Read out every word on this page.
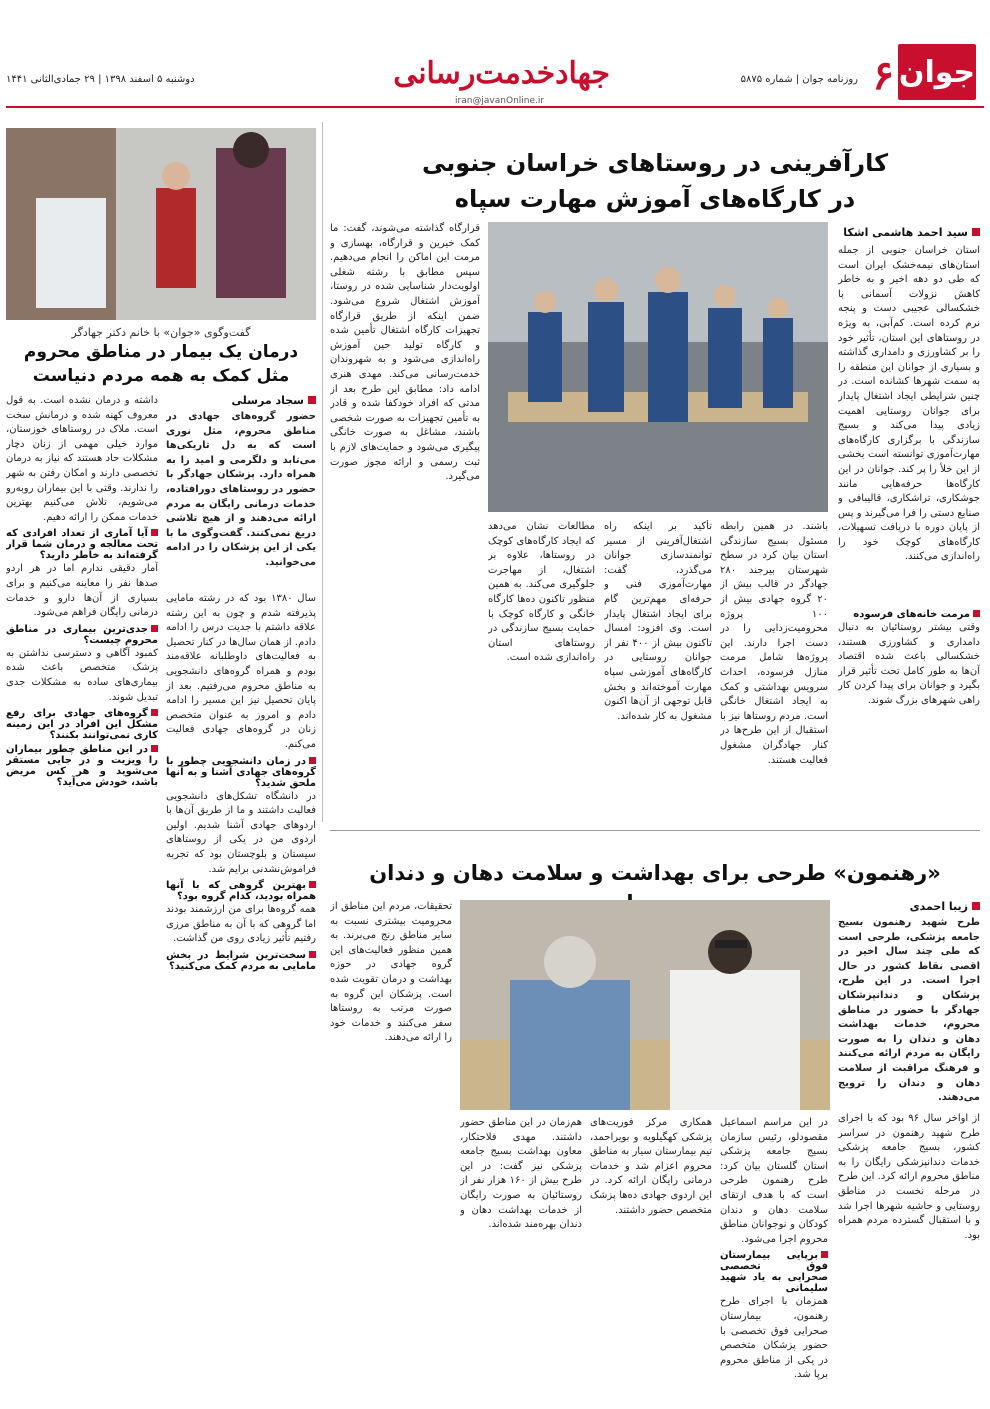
جوان
۶
روزنامه جوان | شماره ۵۸۷۵
جهادخدمت‌رسانی
iran@javanOnline.ir
دوشنبه ۵ اسفند ۱۳۹۸ | ۲۹ جمادی‌الثانی ۱۴۴۱
کارآفرینی در روستاهای خراسان جنوبی
در کارگاه‌های آموزش مهارت سپاه
سید احمد هاشمی اشکا

استان خراسان جنوبی از جمله استان‌های نیمه‌خشک ایران است که طی دو دهه اخیر و به خاطر کاهش نزولات آسمانی با خشکسالی عجیبی دست و پنجه نرم کرده است. کم‌آبی، به ویژه در روستاهای این استان، تأثیر خود را بر کشاورزی و دامداری گذاشته و بسیاری از جوانان این منطقه را به سمت شهرها کشانده است. در چنین شرایطی ایجاد اشتغال پایدار برای جوانان روستایی اهمیت زیادی پیدا می‌کند و بسیج سازندگی با برگزاری کارگاه‌های مهارت‌آموزی توانسته است بخشی از این خلأ را پر کند. جوانان در این کارگاه‌ها حرفه‌هایی مانند جوشکاری، تراشکاری، قالیبافی و صنایع دستی را فرا می‌گیرند و پس از پایان دوره با دریافت تسهیلات، کارگاه‌های کوچک خود را راه‌اندازی می‌کنند.

مرمت خانه‌های فرسوده

وقتی بیشتر روستائیان به دنبال دامداری و کشاورزی هستند، خشکسالی باعث شده اقتصاد آن‌ها به طور کامل تحت تأثیر قرار بگیرد و جوانان برای پیدا کردن کار راهی شهرهای بزرگ شوند.

مطالعات نشان می‌دهد که ایجاد کارگاه‌های کوچک در روستاها، علاوه بر اشتغال، از مهاجرت جلوگیری می‌کند. به همین منظور تاکنون ده‌ها کارگاه خانگی و کارگاه کوچک با حمایت بسیج سازندگی در روستاهای استان راه‌اندازی شده است.

تأکید بر اینکه راه اشتغال‌آفرینی از مسیر توانمندسازی جوانان می‌گذرد، گفت: مهارت‌آموزی فنی و حرفه‌ای مهم‌ترین گام برای ایجاد اشتغال پایدار است. وی افزود: امسال تاکنون بیش از ۴۰۰ نفر از جوانان روستایی در کارگاه‌های آموزشی سپاه مهارت آموخته‌اند و بخش قابل توجهی از آن‌ها اکنون مشغول به کار شده‌اند.

باشند. در همین رابطه مسئول بسیج سازندگی استان بیان کرد در سطح شهرستان بیرجند ۲۸۰ جهادگر در قالب بیش از ۲۰ گروه جهادی بیش از ۱۰۰ پروژه محرومیت‌زدایی را در دست اجرا دارند. این پروژه‌ها شامل مرمت منازل فرسوده، احداث سرویس بهداشتی و کمک به ایجاد اشتغال خانگی است. مردم روستاها نیز با استقبال از این طرح‌ها در کنار جهادگران مشغول فعالیت هستند.

قرارگاه گذاشته می‌شوند، گفت: ما کمک خیرین و قرارگاه، بهسازی و مرمت این اماکن را انجام می‌دهیم. سپس مطابق با رشته شغلی اولویت‌دار شناسایی شده در روستا، آموزش اشتغال شروع می‌شود. ضمن اینکه از طریق قرارگاه تجهیزات کارگاه اشتغال تأمین شده و کارگاه تولید حین آموزش راه‌اندازی می‌شود و به شهروندان خدمت‌رسانی می‌کند. مهدی هنری ادامه داد: مطابق این طرح بعد از مدتی که افراد خودکفا شده و قادر به تأمین تجهیزات به صورت شخصی باشند، مشاغل به صورت خانگی پیگیری می‌شود و حمایت‌های لازم با ثبت رسمی و ارائه مجوز صورت می‌گیرد.

گفت‌وگوی «جوان» با خانم دکتر جهادگر
درمان یک بیمار در مناطق محروم
مثل کمک به همه مردم دنیاست
سجاد مرسلی

حضور گروه‌های جهادی در مناطق محروم، مثل نوری است که به دل تاریکی‌ها می‌تابد و دلگرمی و امید را به همراه دارد. پزشکان جهادگر با حضور در روستاهای دورافتاده، خدمات درمانی رایگان به مردم ارائه می‌دهند و از هیچ تلاشی دریغ نمی‌کنند. گفت‌وگوی ما با یکی از این پزشکان را در ادامه می‌خوانید.

سال ۱۳۸۰ بود که در رشته مامایی پذیرفته شدم و چون به این رشته علاقه داشتم با جدیت درس را ادامه دادم. از همان سال‌ها در کنار تحصیل به فعالیت‌های داوطلبانه علاقه‌مند بودم و همراه گروه‌های دانشجویی به مناطق محروم می‌رفتیم. بعد از پایان تحصیل نیز این مسیر را ادامه دادم و امروز به عنوان متخصص زنان در گروه‌های جهادی فعالیت می‌کنم.

در زمان دانشجویی چطور با گروه‌های جهادی آشنا و به آنها ملحق شدید؟

در دانشگاه تشکل‌های دانشجویی فعالیت داشتند و ما از طریق آن‌ها با اردوهای جهادی آشنا شدیم. اولین اردوی من در یکی از روستاهای سیستان و بلوچستان بود که تجربه فراموش‌نشدنی برایم شد.

بهترین گروهی که با آنها همراه بودید، کدام گروه بود؟

همه گروه‌ها برای من ارزشمند بودند اما گروهی که با آن به مناطق مرزی رفتیم تأثیر زیادی روی من گذاشت.

سخت‌ترین شرایط در بخش مامایی به مردم کمک می‌کنید؟

داشته و درمان نشده است. به قول معروف کهنه شده و درمانش سخت است. ملاک در روستاهای خوزستان، موارد خیلی مهمی از زنان دچار مشکلات حاد هستند که نیاز به درمان تخصصی دارند و امکان رفتن به شهر را ندارند. وقتی با این بیماران روبه‌رو می‌شویم، تلاش می‌کنیم بهترین خدمات ممکن را ارائه دهیم.

آیا آماری از تعداد افرادی که تحت معالجه و درمان شما قرار گرفته‌اند به خاطر دارید؟

آمار دقیقی ندارم اما در هر اردو صدها نفر را معاینه می‌کنیم و برای بسیاری از آن‌ها دارو و خدمات درمانی رایگان فراهم می‌شود.

جدی‌ترین بیماری در مناطق محروم چیست؟

کمبود آگاهی و دسترسی نداشتن به پزشک متخصص باعث شده بیماری‌های ساده به مشکلات جدی تبدیل شوند.

گروه‌های جهادی برای رفع مشکل این افراد در این زمینه کاری نمی‌توانند بکنند؟
در این مناطق چطور بیماران را ویزیت و در جایی مستقر می‌شوید و هر کس مریض باشد، خودش می‌آید؟
«رهنمون» طرحی برای بهداشت و سلامت دهان و دندان
زیبا احمدی

طرح شهید رهنمون بسیج جامعه پزشکی، طرحی است که طی چند سال اخیر در اقصی نقاط کشور در حال اجرا است. در این طرح، پزشکان و دندانپزشکان جهادگر با حضور در مناطق محروم، خدمات بهداشت دهان و دندان را به صورت رایگان به مردم ارائه می‌کنند و فرهنگ مراقبت از سلامت دهان و دندان را ترویج می‌دهند.

از اواخر سال ۹۶ بود که با اجرای طرح شهید رهنمون در سراسر کشور، بسیج جامعه پزشکی خدمات دندانپزشکی رایگان را به مناطق محروم ارائه کرد. این طرح در مرحله نخست در مناطق روستایی و حاشیه شهرها اجرا شد و با استقبال گسترده مردم همراه بود.

در این مراسم اسماعیل مقصودلو، رئیس سازمان بسیج جامعه پزشکی استان گلستان بیان کرد: طرح رهنمون طرحی است که با هدف ارتقای سلامت دهان و دندان کودکان و نوجوانان مناطق محروم اجرا می‌شود.

برپایی بیمارستان فوق تخصصی صحرایی به یاد شهید سلیمانی

همزمان با اجرای طرح رهنمون، بیمارستان صحرایی فوق تخصصی با حضور پزشکان متخصص در یکی از مناطق محروم برپا شد.

همکاری مرکز فوریت‌های پزشکی کهگیلویه و بویراحمد، تیم بیمارستان سیار به مناطق محروم اعزام شد و خدمات درمانی رایگان ارائه کرد. در این اردوی جهادی ده‌ها پزشک متخصص حضور داشتند.

هم‌زمان در این مناطق حضور داشتند. مهدی فلاحتکار، معاون بهداشت بسیج جامعه پزشکی نیز گفت: در این طرح بیش از ۱۶۰ هزار نفر از روستائیان به صورت رایگان از خدمات بهداشت دهان و دندان بهره‌مند شده‌اند.

تحقیقات، مردم این مناطق از محرومیت بیشتری نسبت به سایر مناطق رنج می‌برند. به همین منظور فعالیت‌های این گروه جهادی در حوزه بهداشت و درمان تقویت شده است. پزشکان این گروه به صورت مرتب به روستاها سفر می‌کنند و خدمات خود را ارائه می‌دهند.
